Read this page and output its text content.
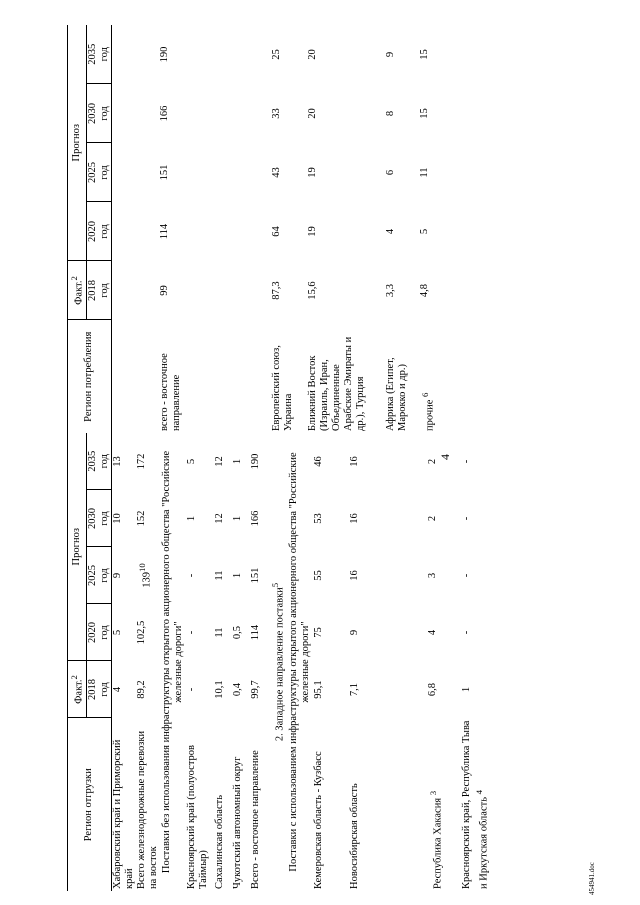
4
454941.doc
Регион отгрузки	Факт.$^2$	Прогноз			

	2018 год	2020 год	2025 год	2030 год	2035 год

Хабаровский край и Приморский край	4	5	9	10	13
Всего железнодорожные перевозки на восток	89,2	102,5	$139^{10}$	152	172
Поставки без использования инфраструктуры открытого акционерного общества "Российские железные дороги"					
Красноярский край (полуостров Таймыр)	-	-	-	1	5
Сахалинская область	10,1	11	11	12	12
Чукотский автономный округ	0,4	0,5	1	1	1
Всего - восточное направление	99,7	114	151	166	190
2. Западное направление поставки$^5$
Поставки с использованием инфраструктуры открытого акционерного общества "Российские железные дороги"					
Кемеровская область - Кузбасс	95,1	75	55	53	46
Новосибирская область	7,1	9	16	16	16
Республика Хакасия $^3$	6,8	4	3	2	2
Красноярский край, Республика Тыва и Иркутская область $^4$	1	-	-	-	-
Регион потребления	Факт.$^2$	Прогноз			

	2018 год	2020 год	2025 год	2030 год	2035 год

всего - восточное направление	99	114	151	166	190

Европейский союз, Украина	87,3	64	43	33	25
Ближний Восток (Израиль, Иран, Объединенные Арабские Эмираты и др.), Турция	15,6	19	19	20	20
Африка (Египет, Марокко и др.)	3,3	4	6	8	9
прочие $^6$	4,8	5	11	15	15
